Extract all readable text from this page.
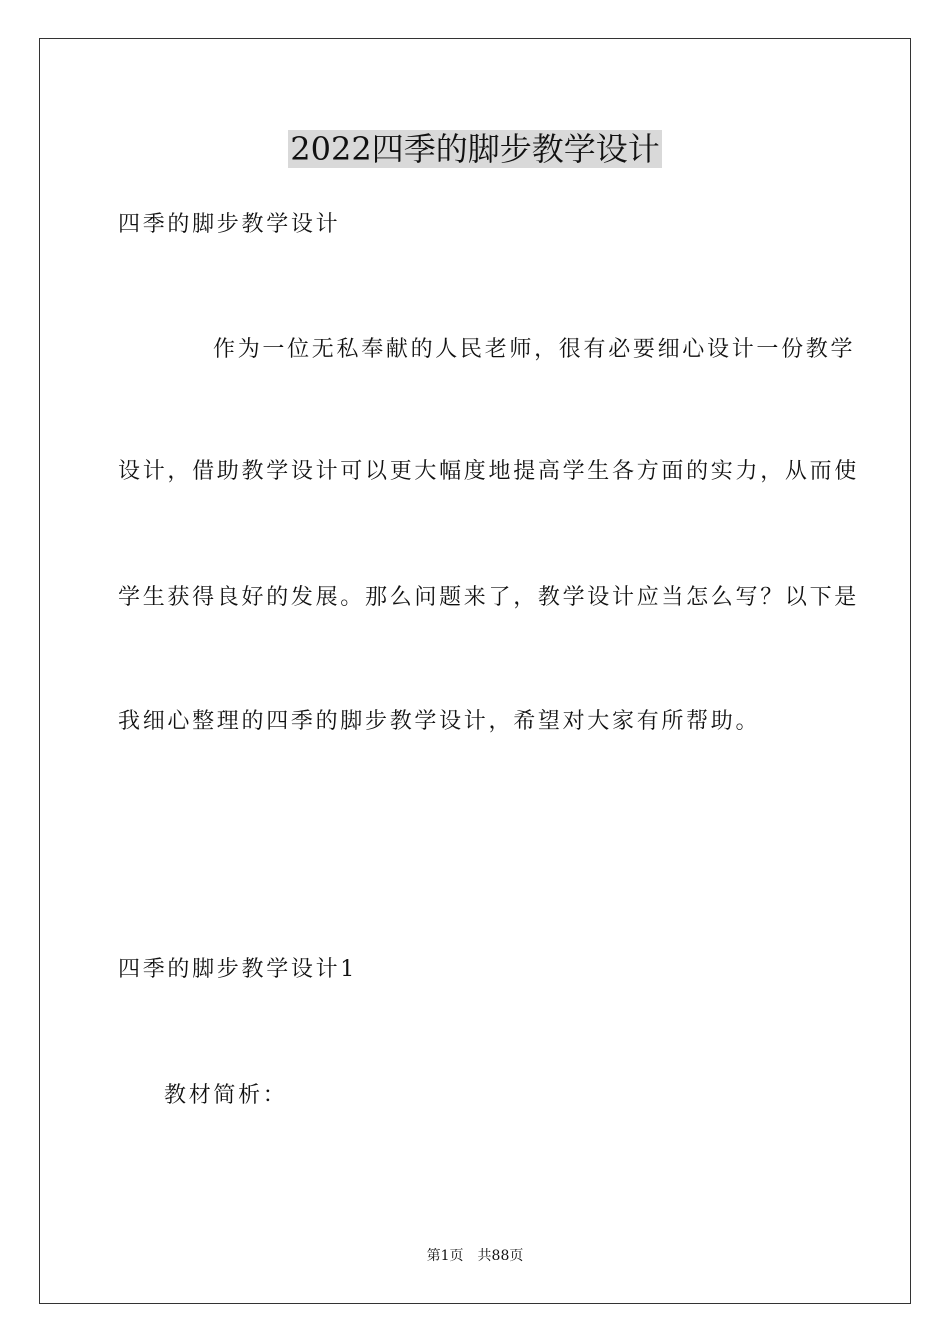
2022四季的脚步教学设计
四季的脚步教学设计
作为一位无私奉献的人民老师，很有必要细心设计一份教学
设计，借助教学设计可以更大幅度地提高学生各方面的实力，从而使
学生获得良好的发展。那么问题来了，教学设计应当怎么写？以下是
我细心整理的四季的脚步教学设计，希望对大家有所帮助。
四季的脚步教学设计1
教材简析：
第1页　共88页
